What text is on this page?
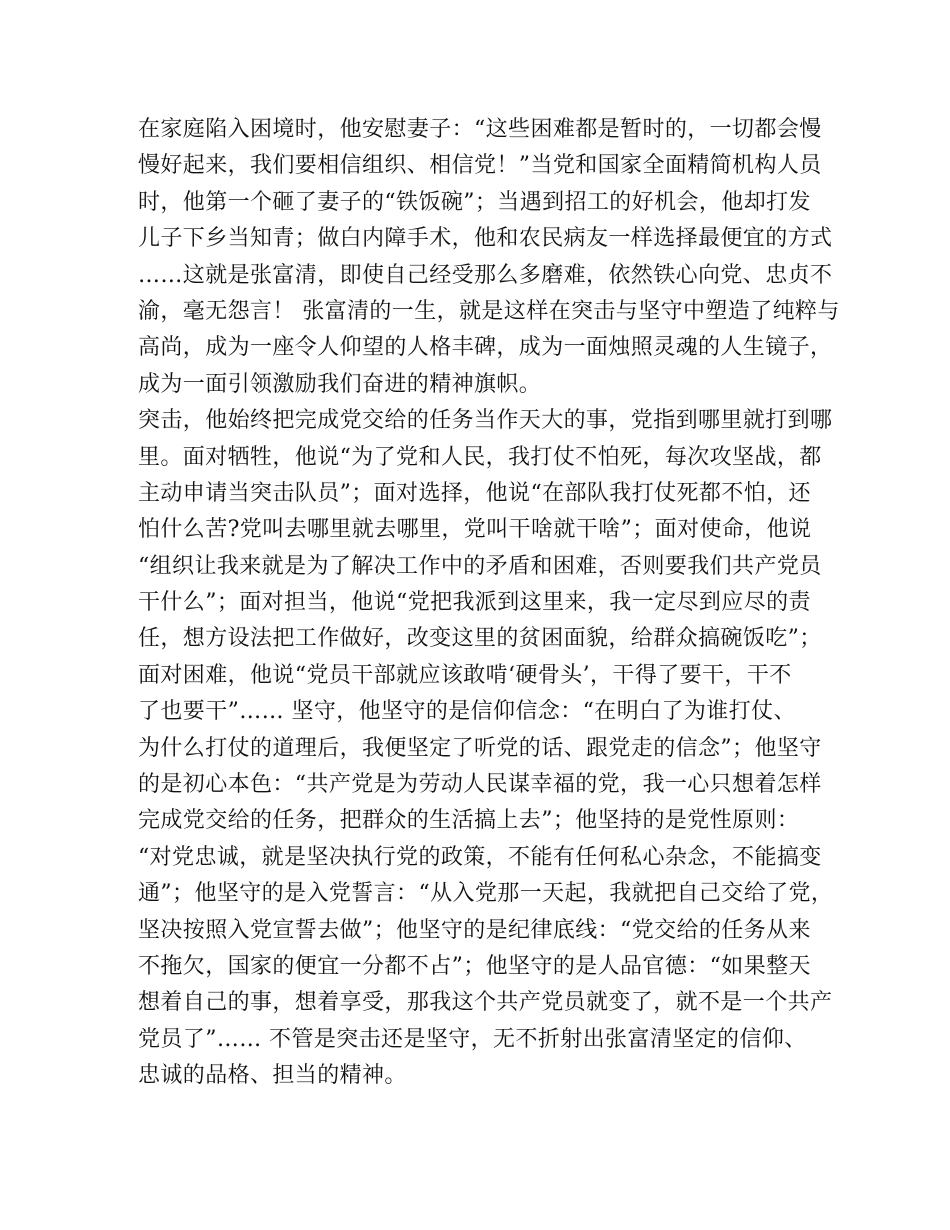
在家庭陷入困境时，他安慰妻子：“这些困难都是暂时的，一切都会慢
慢好起来，我们要相信组织、相信党！”当党和国家全面精简机构人员
时，他第一个砸了妻子的“铁饭碗”；当遇到招工的好机会，他却打发
儿子下乡当知青；做白内障手术，他和农民病友一样选择最便宜的方式
……这就是张富清，即使自己经受那么多磨难，依然铁心向党、忠贞不
渝，毫无怨言！ 张富清的一生，就是这样在突击与坚守中塑造了纯粹与
高尚，成为一座令人仰望的人格丰碑，成为一面烛照灵魂的人生镜子，
成为一面引领激励我们奋进的精神旗帜。
突击，他始终把完成党交给的任务当作天大的事，党指到哪里就打到哪
里。面对牺牲，他说“为了党和人民，我打仗不怕死，每次攻坚战，都
主动申请当突击队员”；面对选择，他说“在部队我打仗死都不怕，还
怕什么苦?党叫去哪里就去哪里，党叫干啥就干啥”；面对使命，他说
“组织让我来就是为了解决工作中的矛盾和困难，否则要我们共产党员
干什么”；面对担当，他说“党把我派到这里来，我一定尽到应尽的责
任，想方设法把工作做好，改变这里的贫困面貌，给群众搞碗饭吃”；
面对困难，他说“党员干部就应该敢啃‘硬骨头’，干得了要干，干不
了也要干”…… 坚守，他坚守的是信仰信念：“在明白了为谁打仗、
为什么打仗的道理后，我便坚定了听党的话、跟党走的信念”；他坚守
的是初心本色：“共产党是为劳动人民谋幸福的党，我一心只想着怎样
完成党交给的任务，把群众的生活搞上去”；他坚持的是党性原则：
“对党忠诚，就是坚决执行党的政策，不能有任何私心杂念，不能搞变
通”；他坚守的是入党誓言：“从入党那一天起，我就把自己交给了党，
坚决按照入党宣誓去做”；他坚守的是纪律底线：“党交给的任务从来
不拖欠，国家的便宜一分都不占”；他坚守的是人品官德：“如果整天
想着自己的事，想着享受，那我这个共产党员就变了，就不是一个共产
党员了”…… 不管是突击还是坚守，无不折射出张富清坚定的信仰、
忠诚的品格、担当的精神。
